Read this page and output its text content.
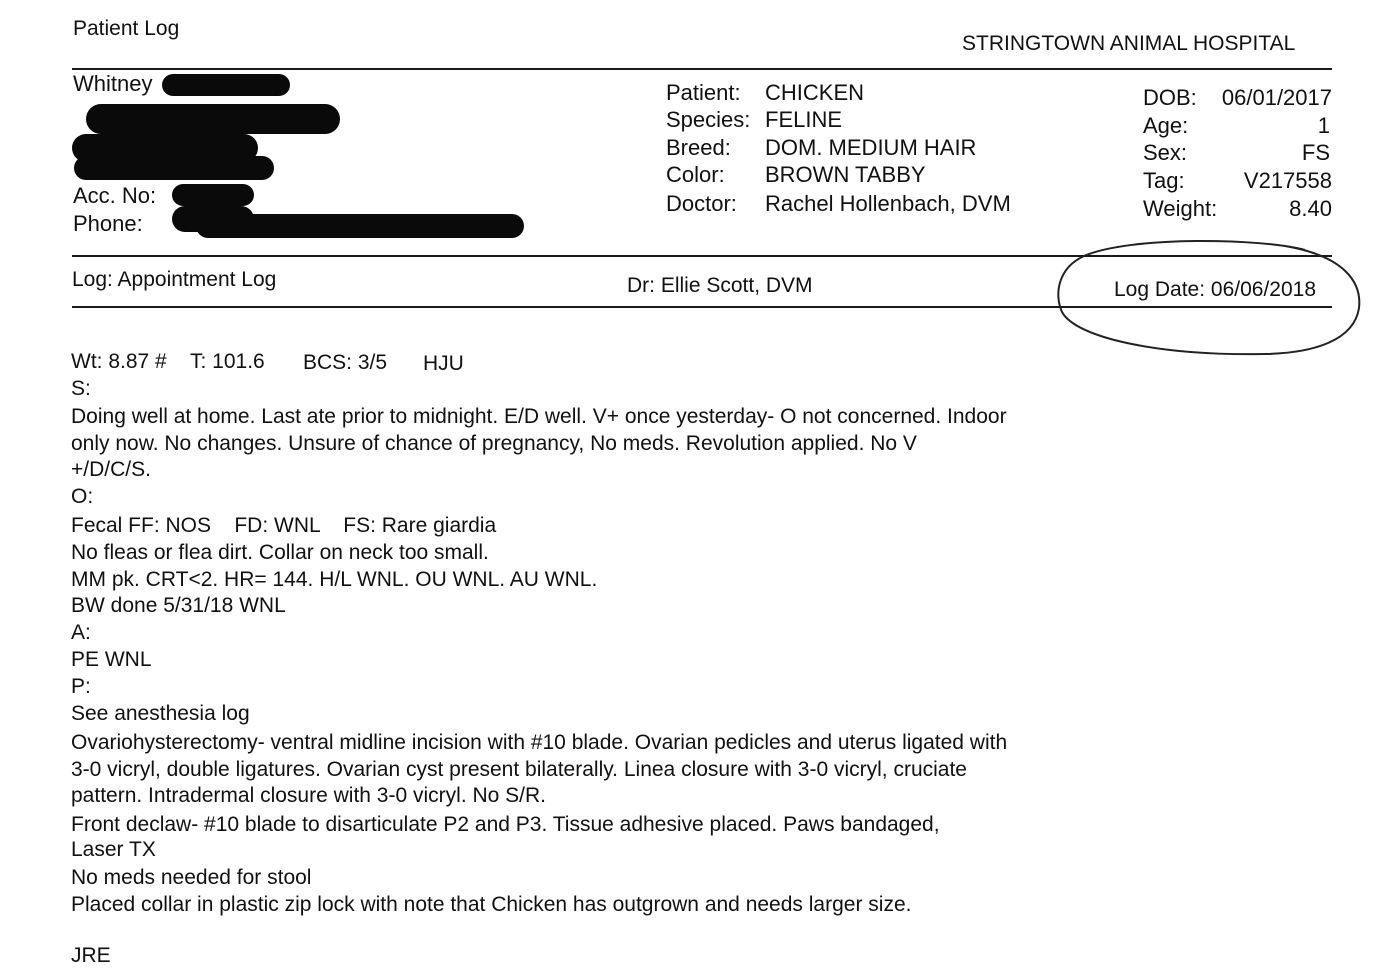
Patient Log
STRINGTOWN ANIMAL HOSPITAL
Whitney
Acc. No:
Phone:
Patient: CHICKEN
Species: FELINE
Breed: DOM. MEDIUM HAIR
Color: BROWN TABBY
Doctor: Rachel Hollenbach, DVM
DOB: 06/01/2017
Age:	1
Sex:	FS
Tag:	V217558
Weight:	8.40
Log: Appointment Log	Dr: Ellie Scott, DVM	Log Date: 06/06/2018
Wt: 8.87 # T: 101.6 BCS: 3/5 HJU
S:
Doing well at home. Last ate prior to midnight. E/D well. V+ once yesterday- O not concerned. Indoor
only now. No changes. Unsure of chance of pregnancy, No meds. Revolution applied. No V
+/D/C/S.
O:
Fecal FF: NOS    FD: WNL    FS: Rare giardia
No fleas or flea dirt. Collar on neck too small.
MM pk. CRT<2. HR= 144. H/L WNL. OU WNL. AU WNL.
BW done 5/31/18 WNL
A:
PE WNL
P:
See anesthesia log
Ovariohysterectomy- ventral midline incision with #10 blade. Ovarian pedicles and uterus ligated with
3-0 vicryl, double ligatures. Ovarian cyst present bilaterally. Linea closure with 3-0 vicryl, cruciate
pattern. Intradermal closure with 3-0 vicryl. No S/R.
Front declaw- #10 blade to disarticulate P2 and P3. Tissue adhesive placed. Paws bandaged,
Laser TX
No meds needed for stool
Placed collar in plastic zip lock with note that Chicken has outgrown and needs larger size.
JRE
